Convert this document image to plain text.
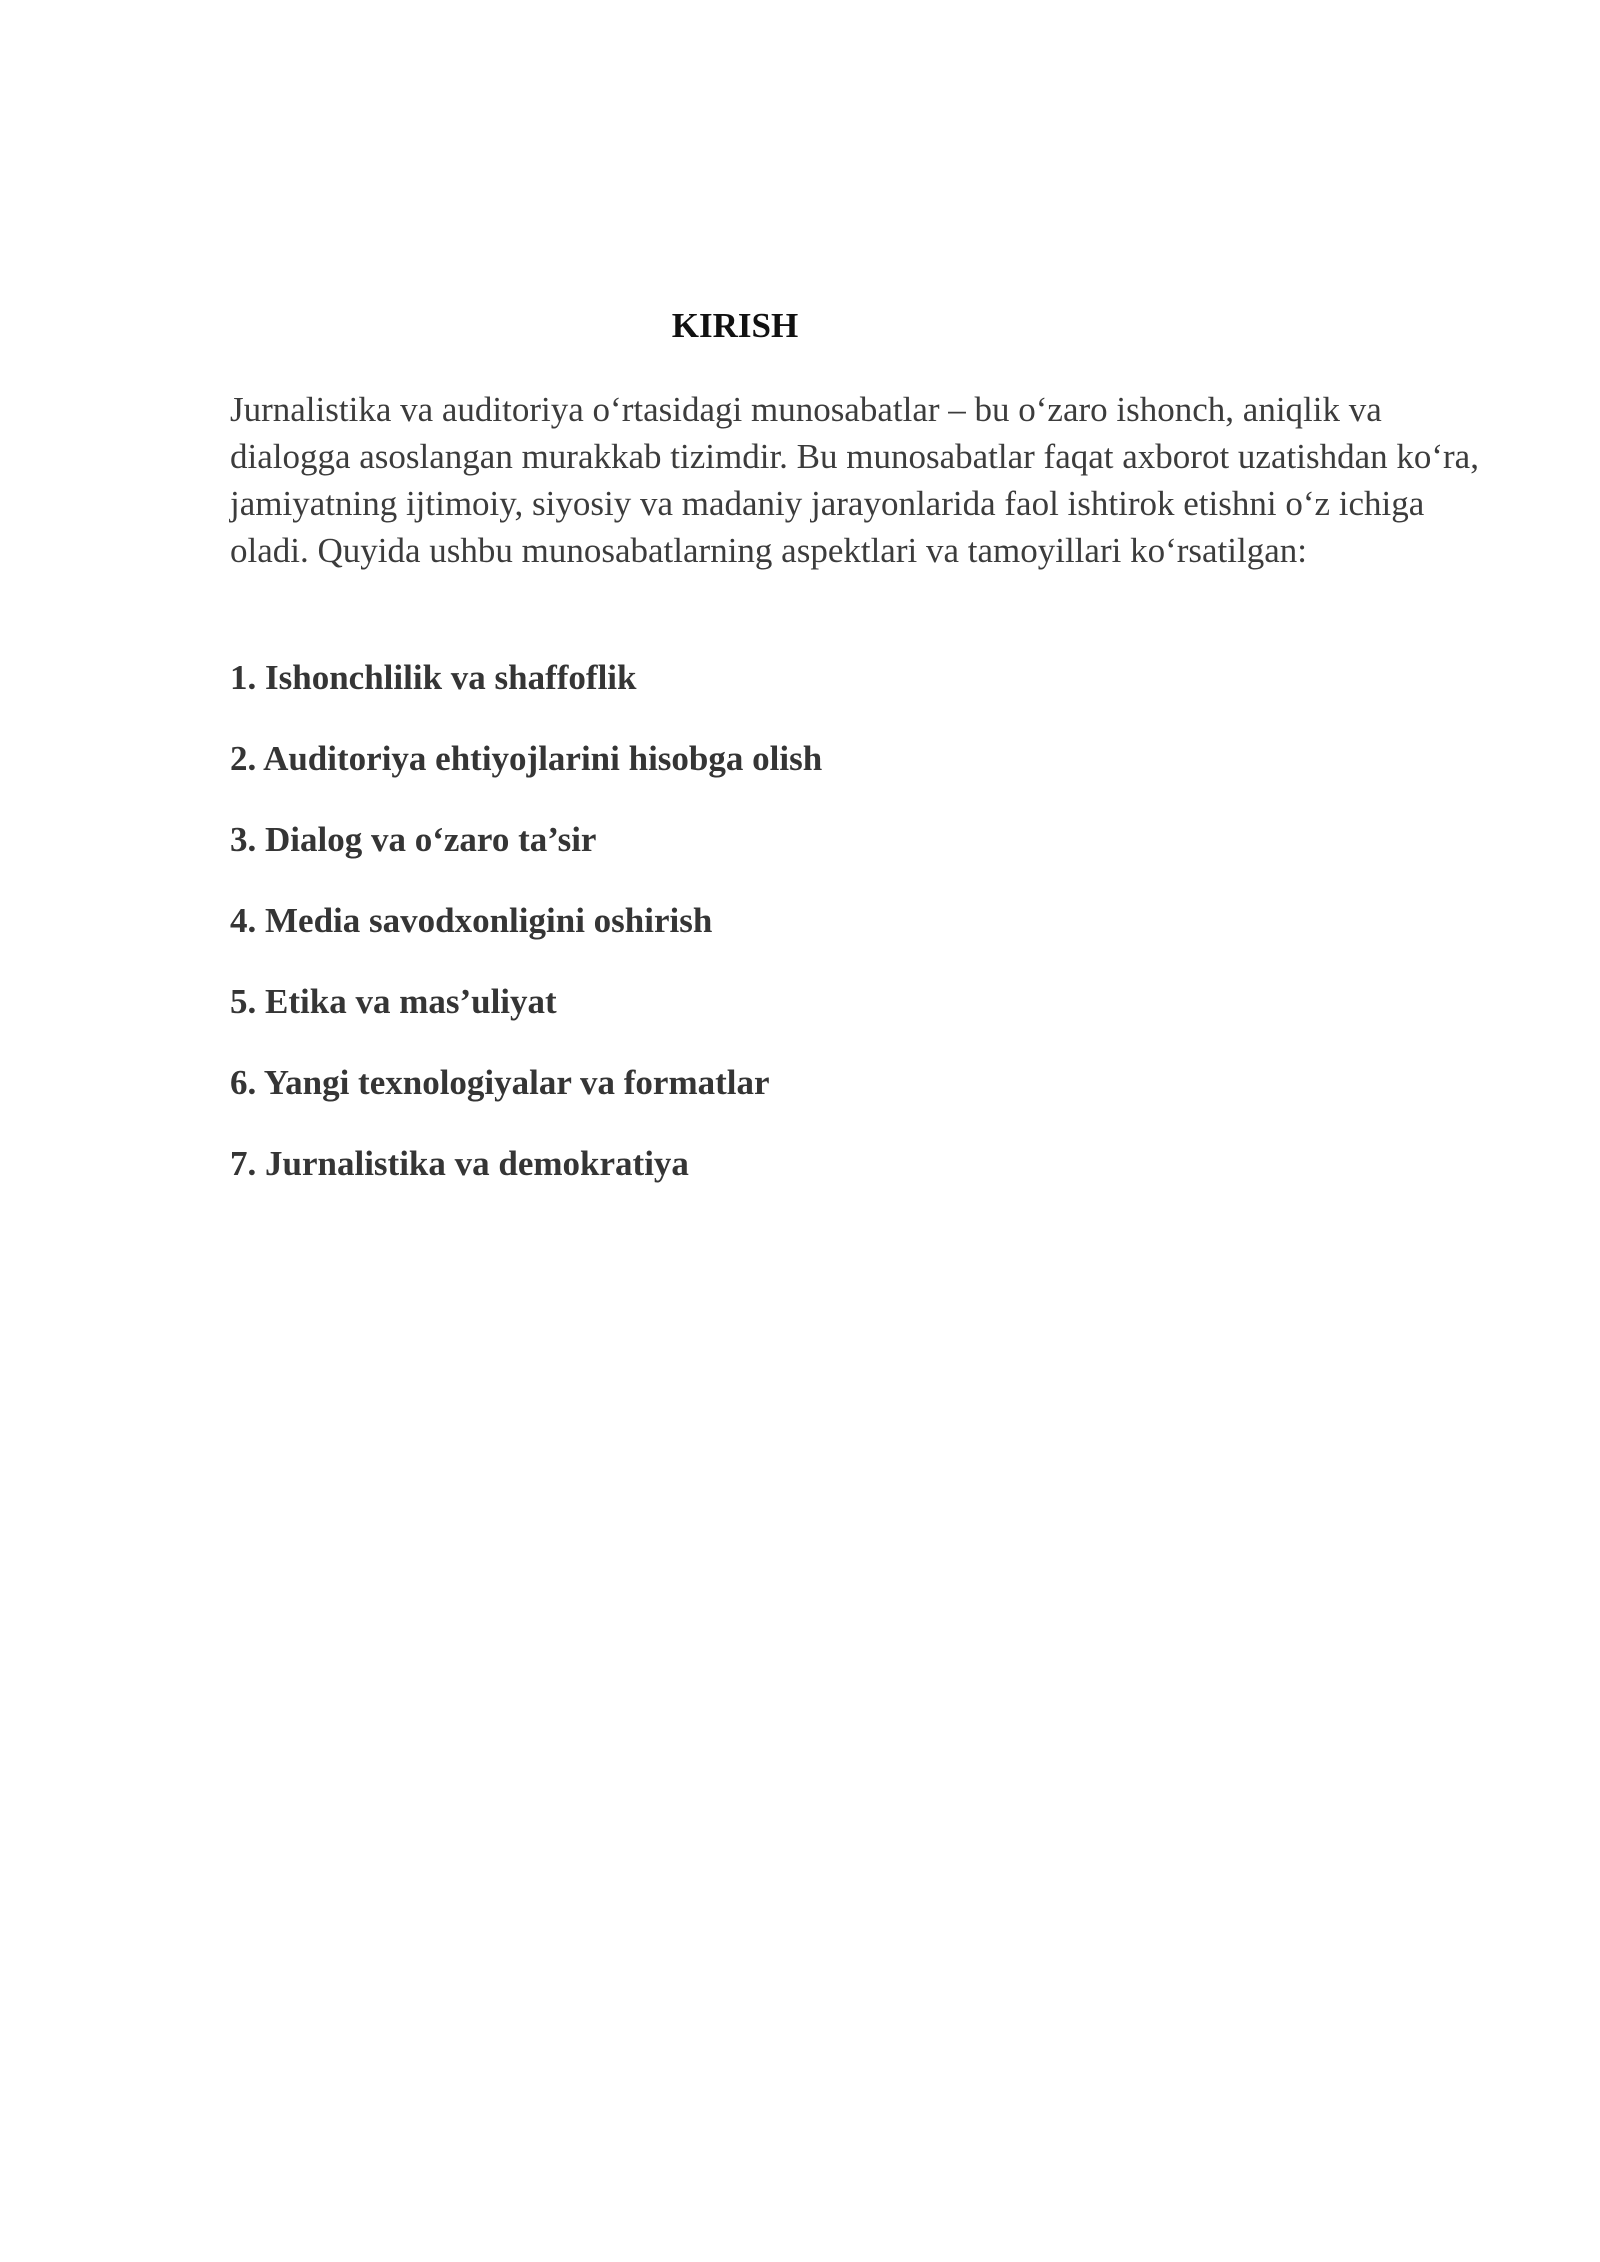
KIRISH

Jurnalistika va auditoriya o‘rtasidagi munosabatlar – bu o‘zaro ishonch, aniqlik va dialogga asoslangan murakkab tizimdir. Bu munosabatlar faqat axborot uzatishdan ko‘ra, jamiyatning ijtimoiy, siyosiy va madaniy jarayonlarida faol ishtirok etishni o‘z ichiga oladi. Quyida ushbu munosabatlarning aspektlari va tamoyillari ko‘rsatilgan:

1. Ishonchlilik va shaffoflik
2. Auditoriya ehtiyojlarini hisobga olish
3. Dialog va o‘zaro ta’sir
4. Media savodxonligini oshirish
5. Etika va mas’uliyat
6. Yangi texnologiyalar va formatlar
7. Jurnalistika va demokratiya
